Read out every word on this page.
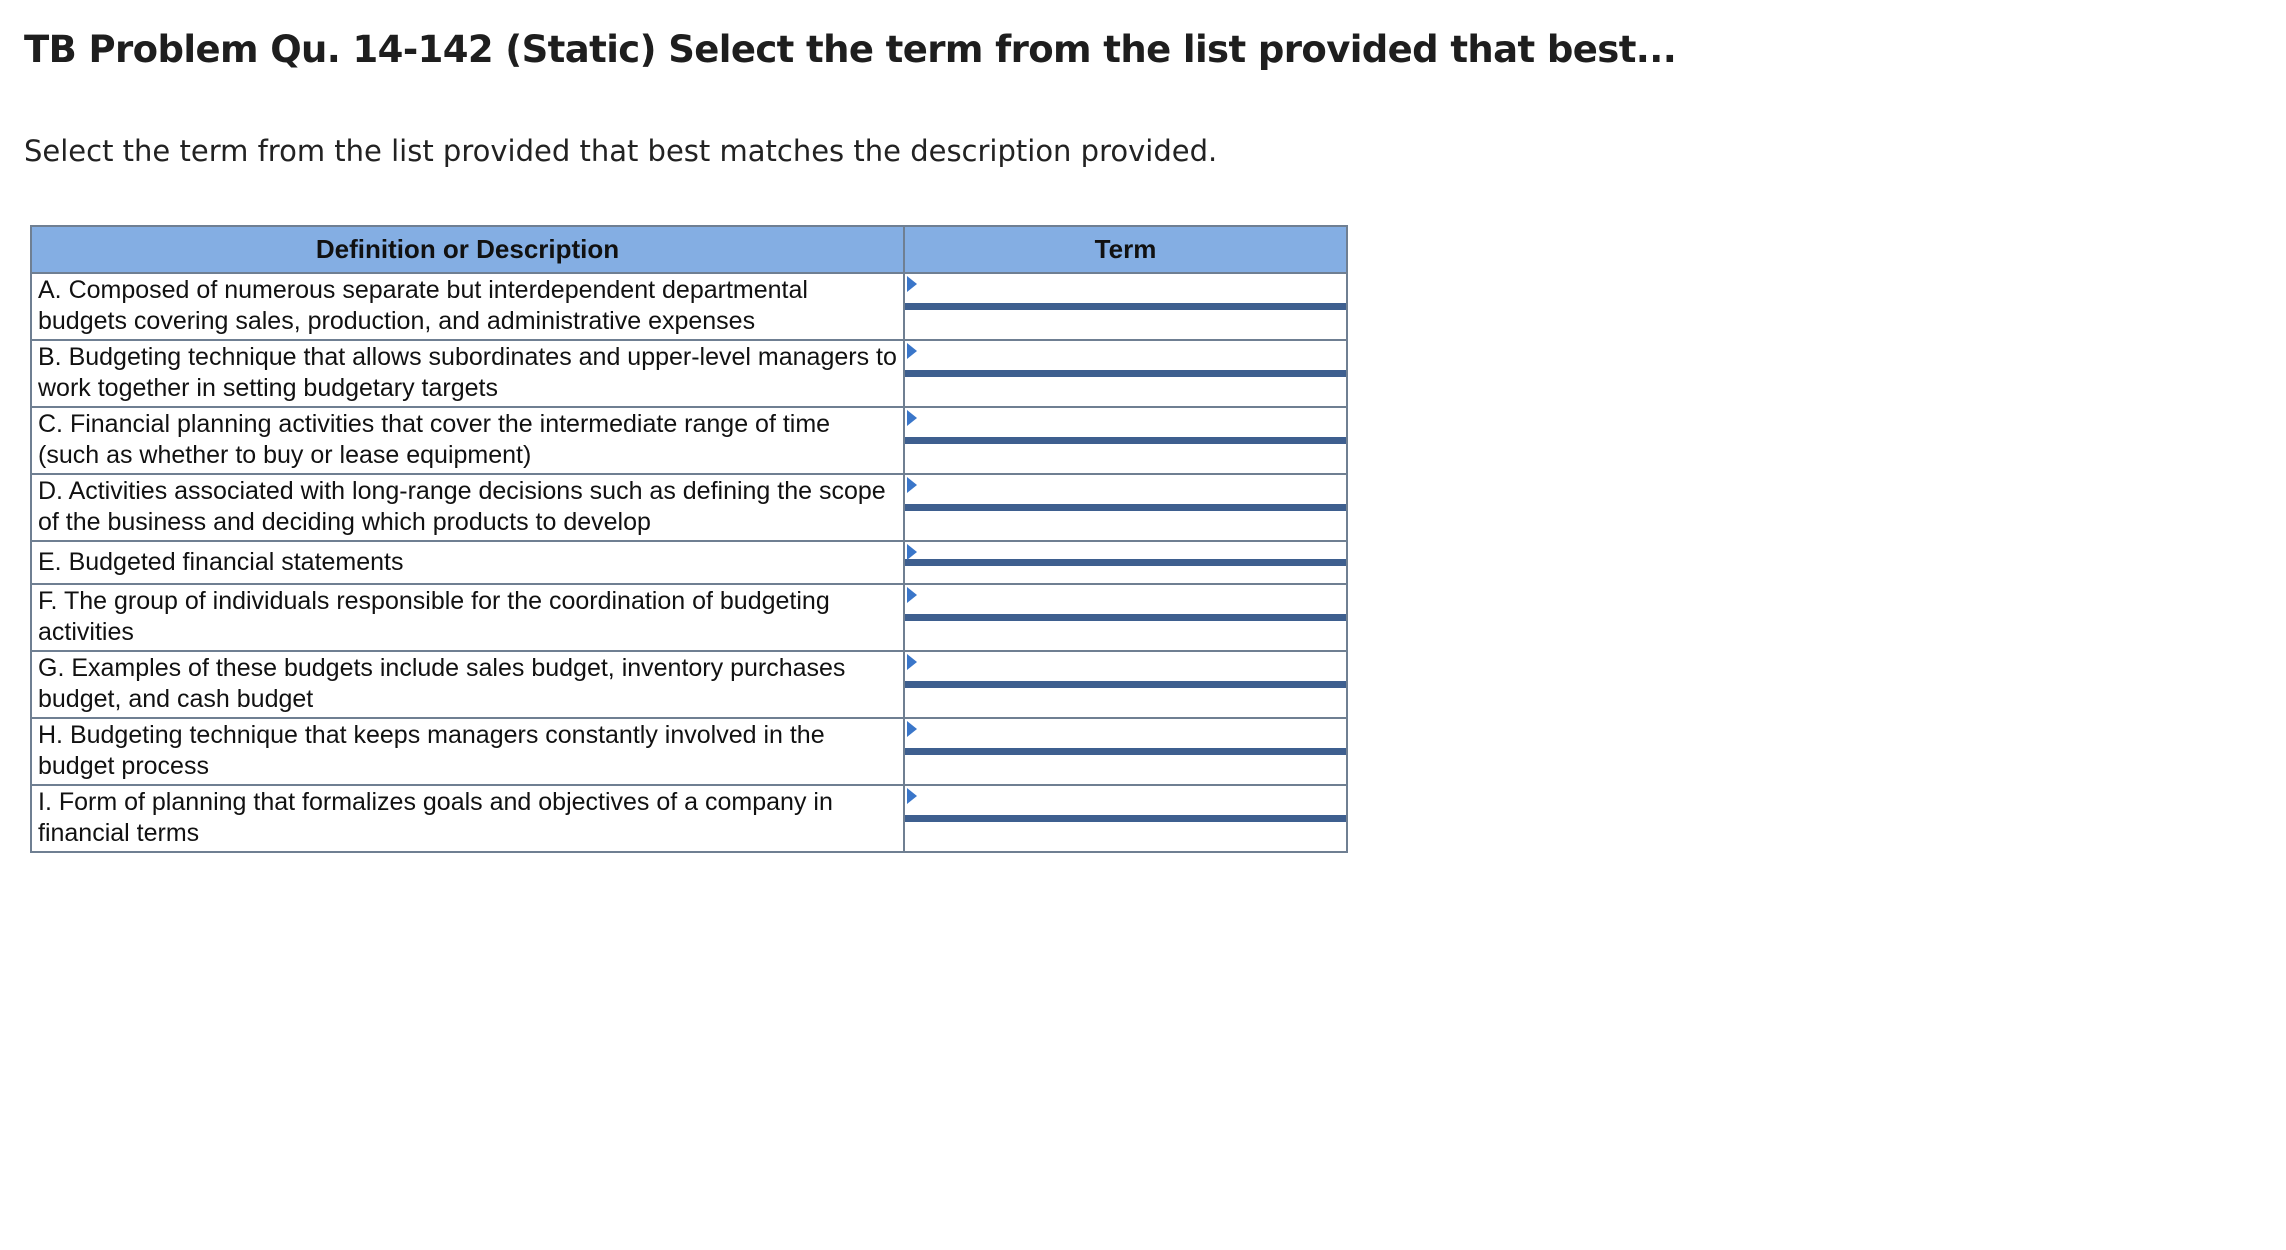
TB Problem Qu. 14-142 (Static) Select the term from the list provided that best...

Select the term from the list provided that best matches the description provided.

Definition or Description	Term
A. Composed of numerous separate but interdependent departmental budgets covering sales, production, and administrative expenses	

B. Budgeting technique that allows subordinates and upper-level managers to work together in setting budgetary targets	

C. Financial planning activities that cover the intermediate range of time (such as whether to buy or lease equipment)	

D. Activities associated with long-range decisions such as defining the scope of the business and deciding which products to develop	

E. Budgeted financial statements	

F. The group of individuals responsible for the coordination of budgeting activities	

G. Examples of these budgets include sales budget, inventory purchases budget, and cash budget	

H. Budgeting technique that keeps managers constantly involved in the budget process	

I. Form of planning that formalizes goals and objectives of a company in financial terms	
